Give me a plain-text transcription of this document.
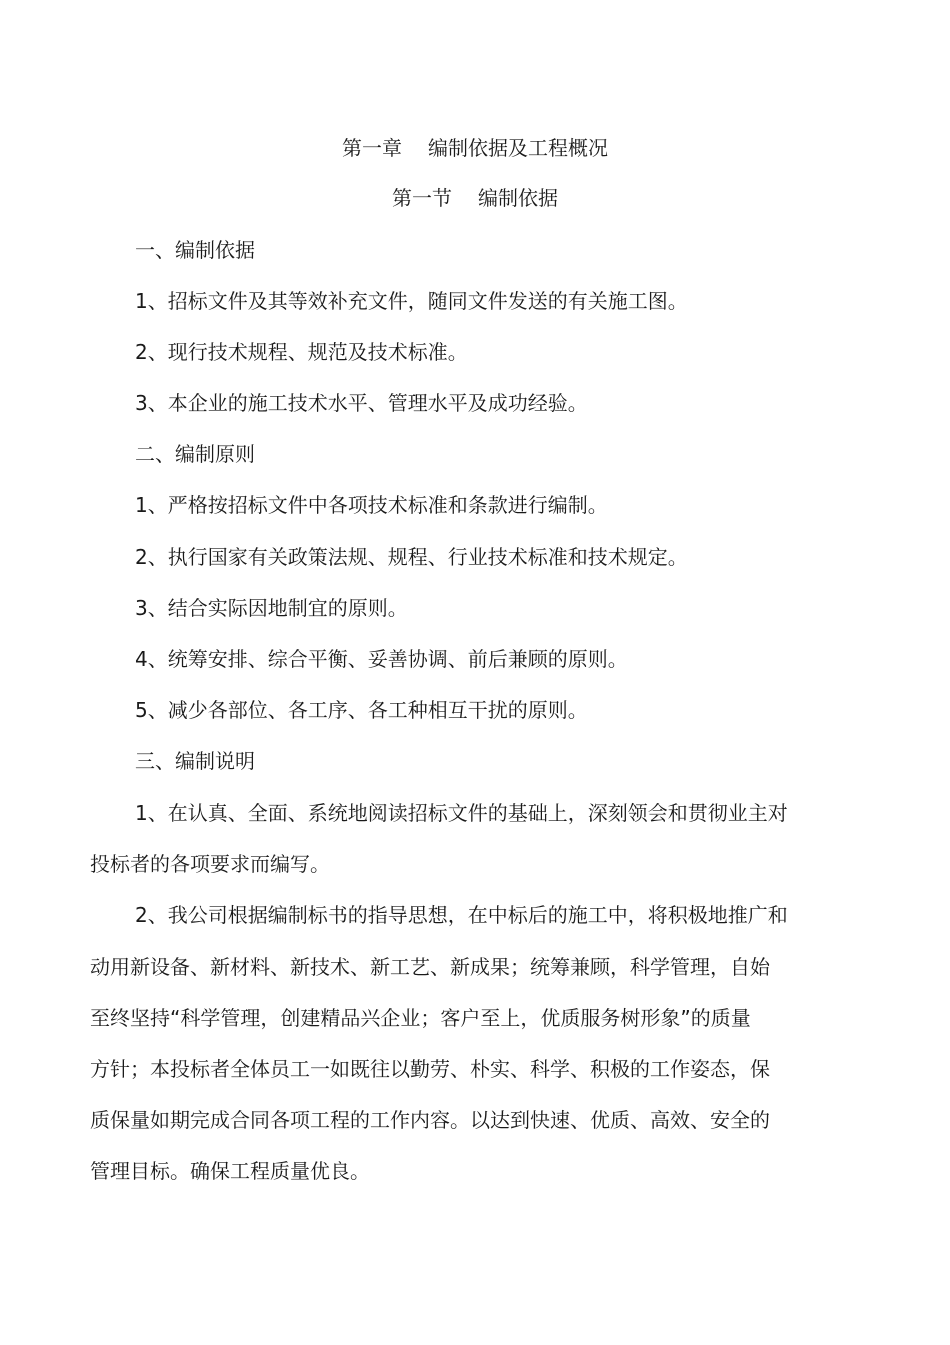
第一章 编制依据及工程概况
第一节 编制依据
一、编制依据
1、招标文件及其等效补充文件，随同文件发送的有关施工图。
2、现行技术规程、规范及技术标准。
3、本企业的施工技术水平、管理水平及成功经验。
二、编制原则
1、严格按招标文件中各项技术标准和条款进行编制。
2、执行国家有关政策法规、规程、行业技术标准和技术规定。
3、结合实际因地制宜的原则。
4、统筹安排、综合平衡、妥善协调、前后兼顾的原则。
5、减少各部位、各工序、各工种相互干扰的原则。
三、编制说明
1、在认真、全面、系统地阅读招标文件的基础上，深刻领会和贯彻业主对
投标者的各项要求而编写。
2、我公司根据编制标书的指导思想，在中标后的施工中，将积极地推广和
动用新设备、新材料、新技术、新工艺、新成果；统筹兼顾，科学管理，自始
至终坚持“科学管理，创建精品兴企业；客户至上，优质服务树形象”的质量
方针；本投标者全体员工一如既往以勤劳、朴实、科学、积极的工作姿态，保
质保量如期完成合同各项工程的工作内容。以达到快速、优质、高效、安全的
管理目标。确保工程质量优良。
